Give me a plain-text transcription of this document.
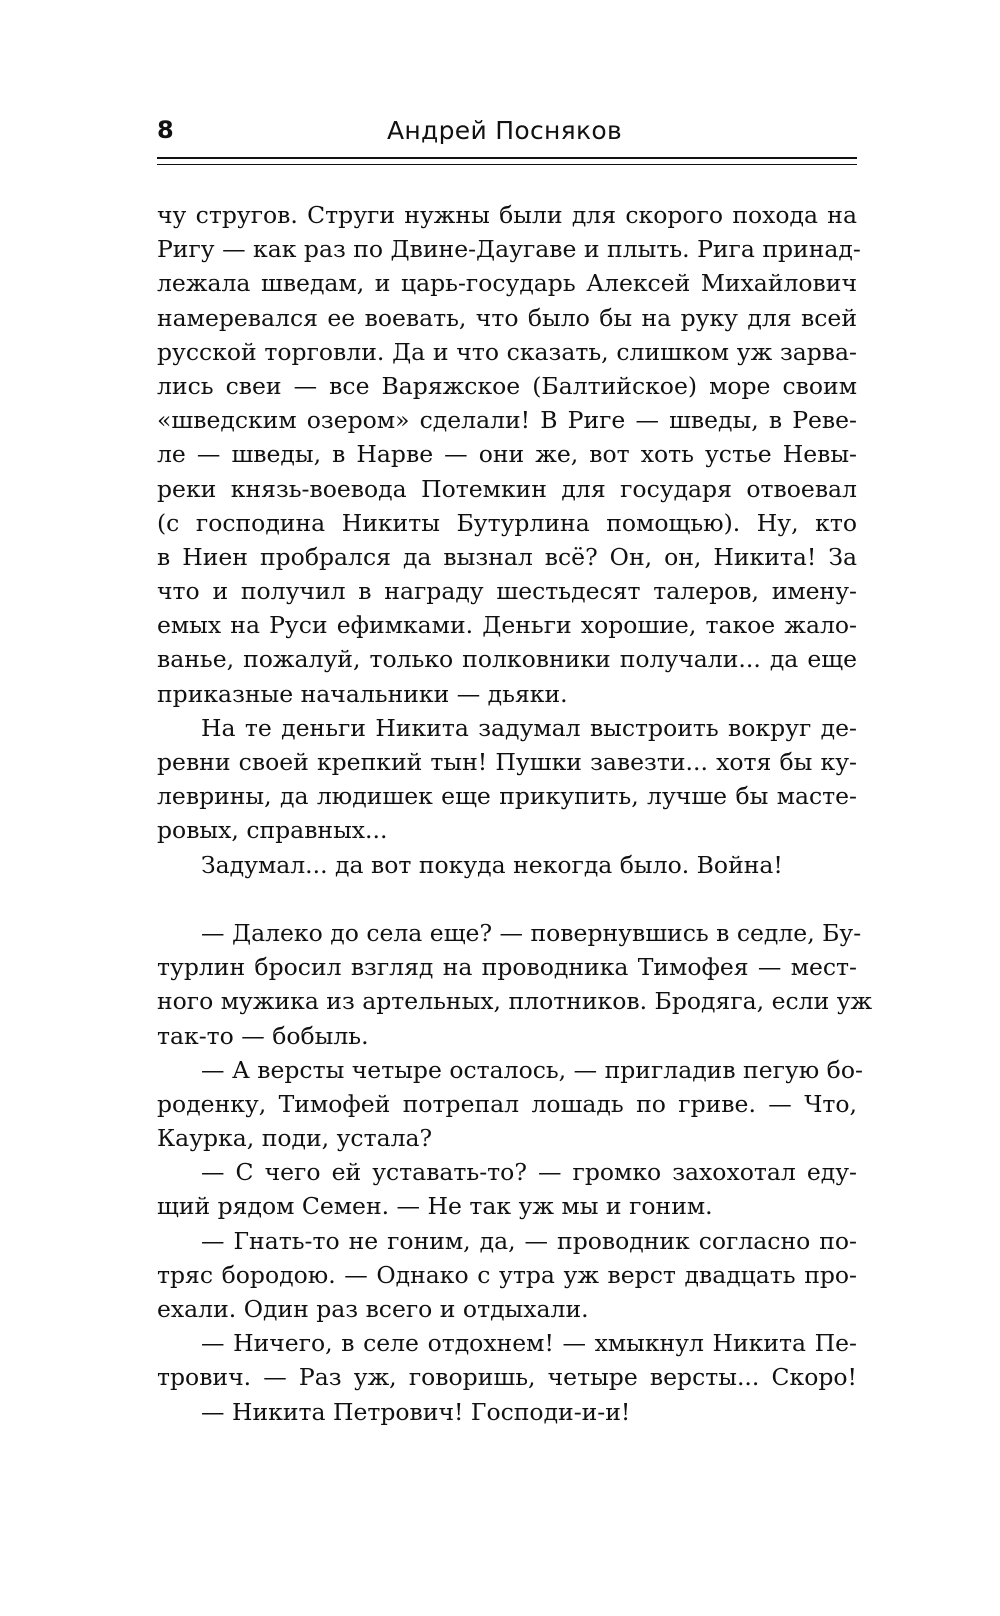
8	Андрей Посняков
чу стругов. Струги нужны были для скорого похода на
Ригу — как раз по Двине-Даугаве и плыть. Рига принад-
лежала шведам, и царь-государь Алексей Михайлович
намеревался ее воевать, что было бы на руку для всей
русской торговли. Да и что сказать, слишком уж зарва-
лись свеи — все Варяжское (Балтийское) море своим
«шведским озером» сделали! В Риге — шведы, в Реве-
ле — шведы, в Нарве — они же, вот хоть устье Невы-
реки князь-воевода Потемкин для государя отвоевал
(с господина Никиты Бутурлина помощью). Ну, кто
в Ниен пробрался да вызнал всё? Он, он, Никита! За
что и получил в награду шестьдесят талеров, имену-
емых на Руси ефимками. Деньги хорошие, такое жало-
ванье, пожалуй, только полковники получали... да еще
приказные начальники — дьяки.
На те деньги Никита задумал выстроить вокруг де-
ревни своей крепкий тын! Пушки завезти... хотя бы ку-
леврины, да людишек еще прикупить, лучше бы масте-
ровых, справных...
Задумал... да вот покуда некогда было. Война!
— Далеко до села еще? — повернувшись в седле, Бу-
турлин бросил взгляд на проводника Тимофея — мест-
ного мужика из артельных, плотников. Бродяга, если уж
так-то — бобыль.
— А версты четыре осталось, — пригладив пегую бо-
роденку, Тимофей потрепал лошадь по гриве. — Что,
Каурка, поди, устала?
— С чего ей уставать-то? — громко захохотал еду-
щий рядом Семен. — Не так уж мы и гоним.
— Гнать-то не гоним, да, — проводник согласно по-
тряс бородою. — Однако с утра уж верст двадцать про-
ехали. Один раз всего и отдыхали.
— Ничего, в селе отдохнем! — хмыкнул Никита Пе-
трович. — Раз уж, говоришь, четыре версты... Скоро!
— Никита Петрович! Господи-и-и!
